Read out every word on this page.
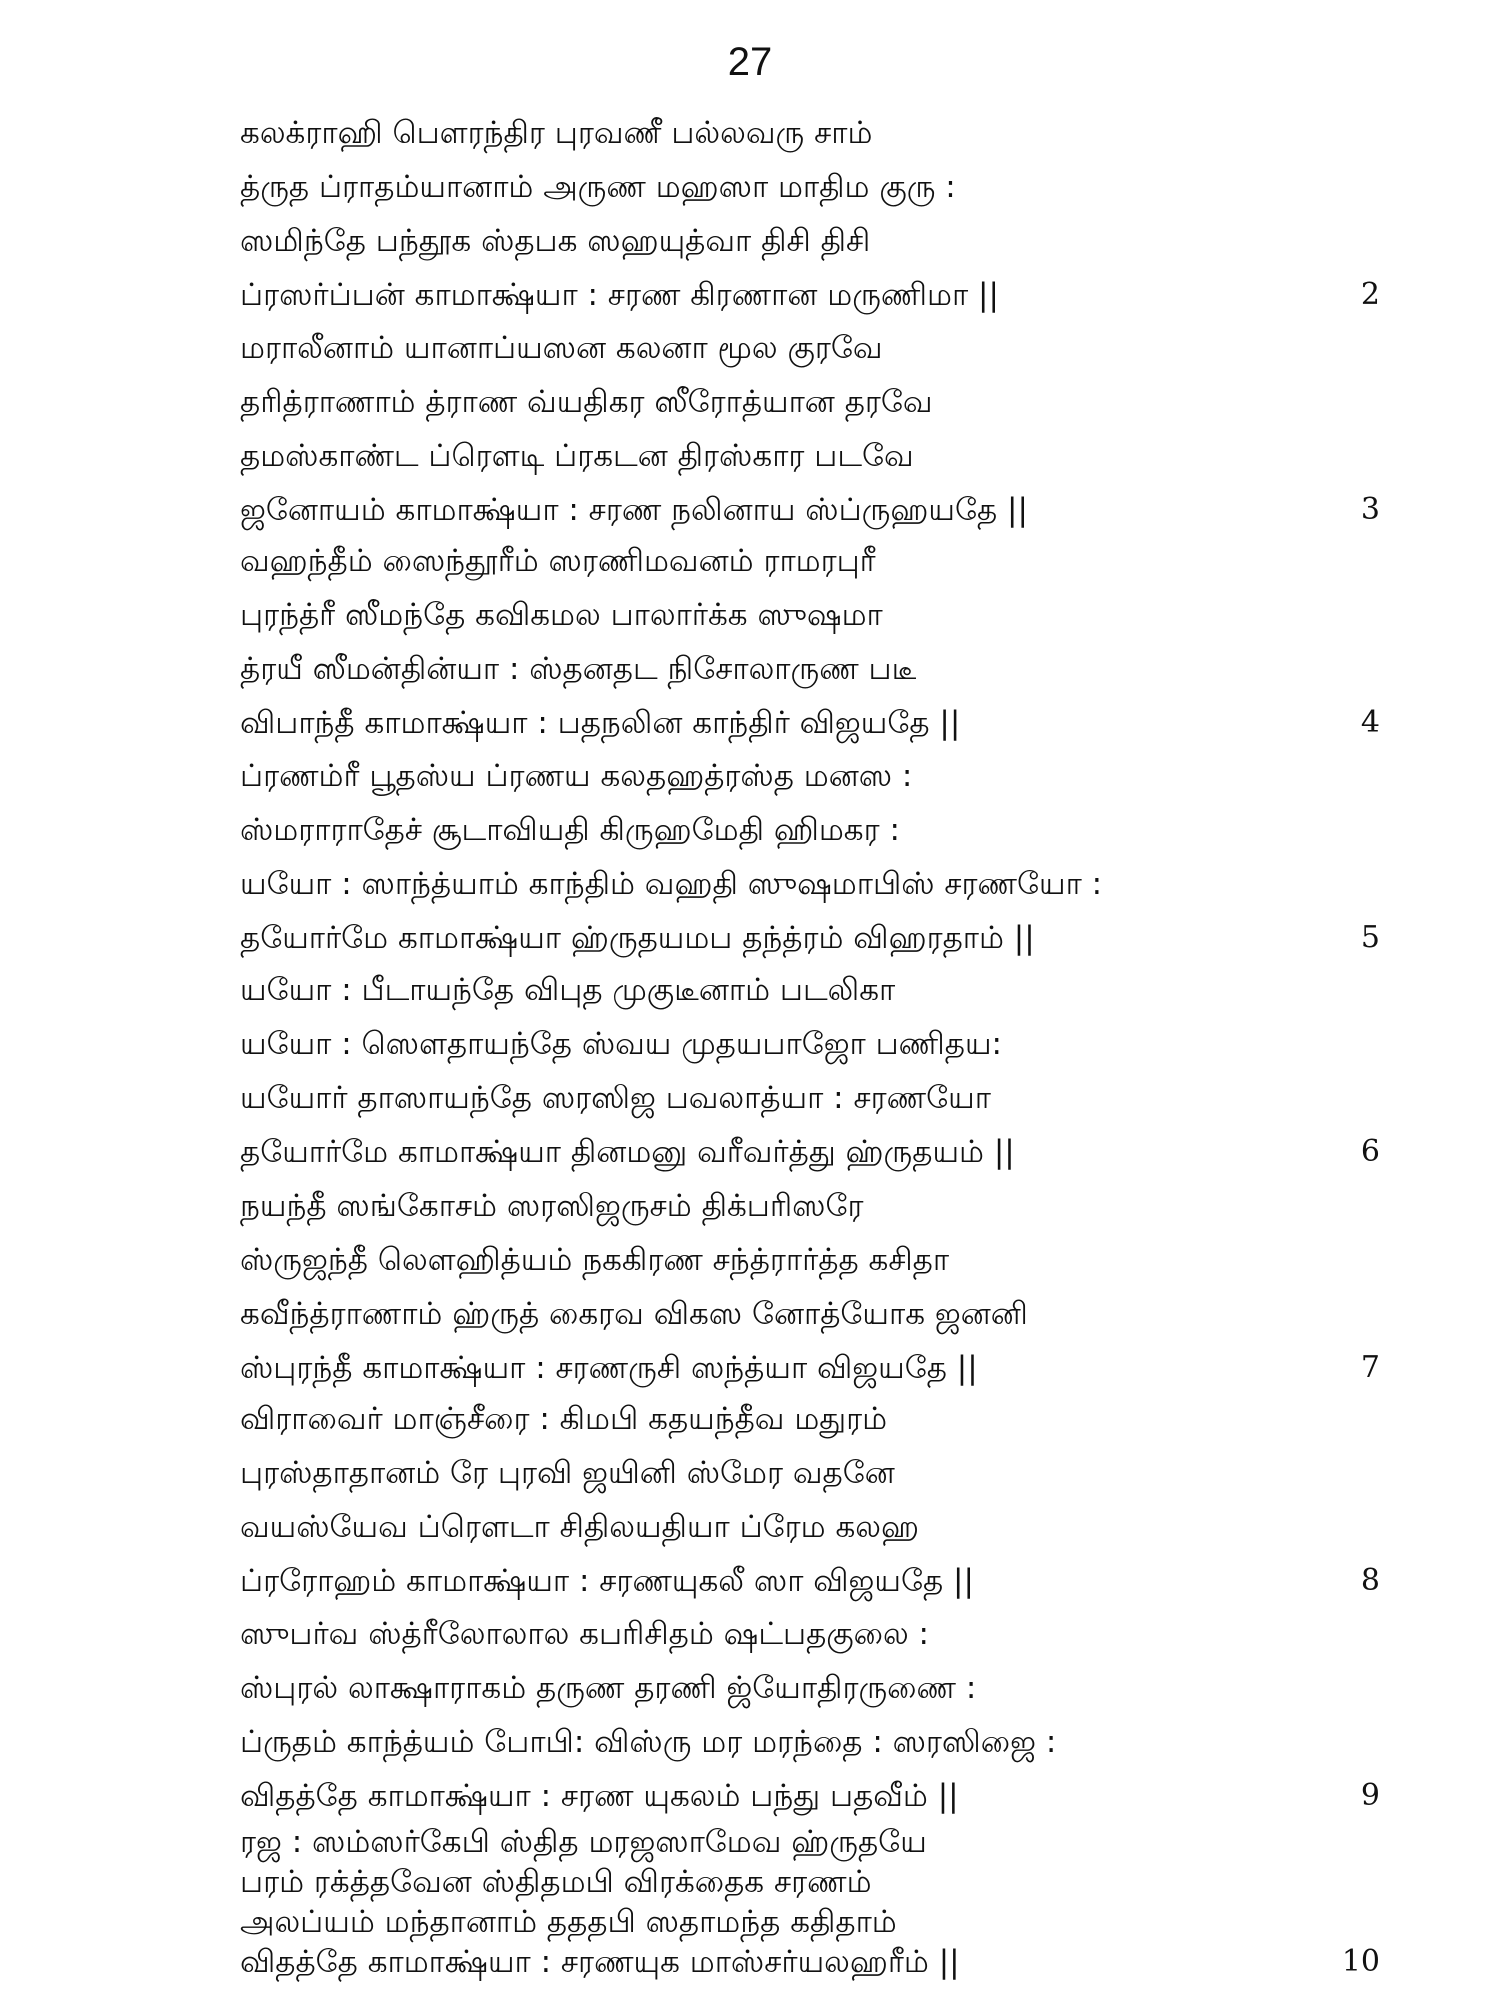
27
கலக்ராஹி பௌரந்திர புரவணீ பல்லவரு சாம்
த்ருத ப்ராதம்யானாம் அருண மஹஸா மாதிம குரு :
ஸமிந்தே பந்தூக ஸ்தபக ஸஹயுத்வா திசி திசி
ப்ரஸர்ப்பன் காமாக்ஷ்யா : சரண கிரணான மருணிமா ||	2
மராலீனாம் யானாப்யஸன கலனா மூல குரவே
தரித்ராணாம் த்ராண வ்யதிகர ஸீரோத்யான தரவே
தமஸ்காண்ட ப்ரௌடி ப்ரகடன திரஸ்கார படவே
ஜனோயம் காமாக்ஷ்யா : சரண நலினாய ஸ்ப்ருஹயதே ||	3
வஹந்தீம் ஸைந்தூரீம் ஸரணிமவனம் ராமரபுரீ
புரந்த்ரீ ஸீமந்தே கவிகமல பாலார்க்க ஸுஷமா
த்ரயீ ஸீமன்தின்யா : ஸ்தனதட நிசோலாருண படீ
விபாந்தீ காமாக்ஷ்யா : பதநலின காந்திர் விஜயதே ||	4
ப்ரணம்ரீ பூதஸ்ய ப்ரணய கலதஹத்ரஸ்த மனஸ :
ஸ்மராராதேச் சூடாவியதி கிருஹமேதி ஹிமகர :
யயோ : ஸாந்த்யாம் காந்திம் வஹதி ஸுஷமாபிஸ் சரணயோ :
தயோர்மே காமாக்ஷ்யா ஹ்ருதயமப தந்த்ரம் விஹரதாம் ||	5
யயோ : பீடாயந்தே விபுத முகுடீனாம் படலிகா
யயோ : ஸௌதாயந்தே ஸ்வய முதயபாஜோ பணிதய:
யயோர் தாஸாயந்தே ஸரஸிஜ பவலாத்யா : சரணயோ
தயோர்மே காமாக்ஷ்யா தினமனு வரீவர்த்து ஹ்ருதயம் ||	6
நயந்தீ ஸங்கோசம் ஸரஸிஜருசம் திக்பரிஸரே
ஸ்ருஜந்தீ லௌஹித்யம் நககிரண சந்த்ரார்த்த கசிதா
கவீந்த்ராணாம் ஹ்ருத் கைரவ விகஸ னோத்யோக ஜனனி
ஸ்புரந்தீ காமாக்ஷ்யா : சரணருசி ஸந்த்யா விஜயதே ||	7
விராவைர் மாஞ்சீரை : கிமபி கதயந்தீவ மதுரம்
புரஸ்தாதானம் ரே புரவி ஜயினி ஸ்மேர வதனே
வயஸ்யேவ ப்ரௌடா சிதிலயதியா ப்ரேம கலஹ
ப்ரரோஹம் காமாக்ஷ்யா : சரணயுகலீ ஸா விஜயதே ||	8
ஸுபர்வ ஸ்த்ரீலோலால கபரிசிதம் ஷட்பதகுலை :
ஸ்புரல் லாக்ஷாராகம் தருண தரணி ஜ்யோதிரருணை :
ப்ருதம் காந்த்யம் போபி: விஸ்ரு மர மரந்தை : ஸரஸிஜை :
விதத்தே காமாக்ஷ்யா : சரண யுகலம் பந்து பதவீம் ||	9
ரஜ : ஸம்ஸர்கேபி ஸ்தித மரஜஸாமேவ ஹ்ருதயே
பரம் ரக்த்தவேன ஸ்திதமபி விரக்தைக சரணம்
அலப்யம் மந்தானாம் தததபி ஸதாமந்த கதிதாம்
விதத்தே காமாக்ஷ்யா : சரணயுக மாஸ்சர்யலஹரீம் ||	10
